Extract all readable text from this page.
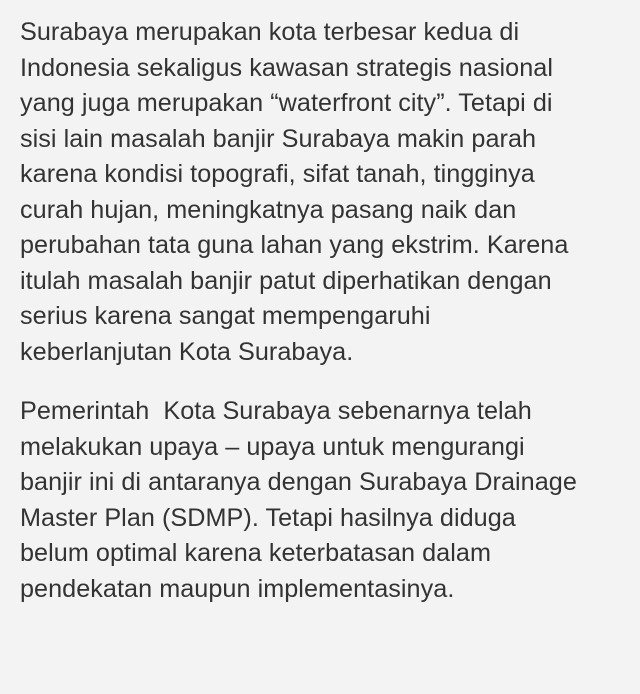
Surabaya merupakan kota terbesar kedua di
Indonesia sekaligus kawasan strategis nasional
yang juga merupakan “waterfront city”. Tetapi di
sisi lain masalah banjir Surabaya makin parah
karena kondisi topografi, sifat tanah, tingginya
curah hujan, meningkatnya pasang naik dan
perubahan tata guna lahan yang ekstrim. Karena
itulah masalah banjir patut diperhatikan dengan
serius karena sangat mempengaruhi
keberlanjutan Kota Surabaya.

Pemerintah  Kota Surabaya sebenarnya telah
melakukan upaya – upaya untuk mengurangi
banjir ini di antaranya dengan Surabaya Drainage
Master Plan (SDMP). Tetapi hasilnya diduga
belum optimal karena keterbatasan dalam
pendekatan maupun implementasinya.
